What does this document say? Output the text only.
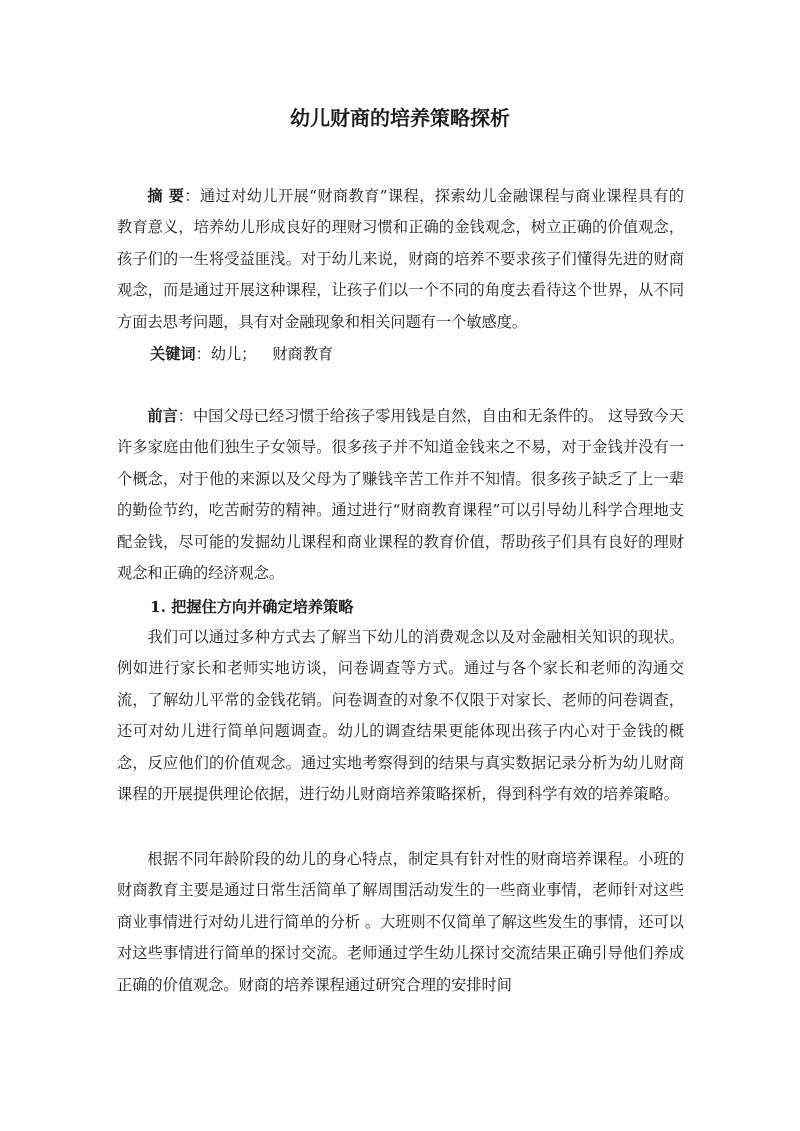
幼儿财商的培养策略探析

摘 要：通过对幼儿开展“财商教育”课程，探索幼儿金融课程与商业课程具有的教育意义，培养幼儿形成良好的理财习惯和正确的金钱观念，树立正确的价值观念，孩子们的一生将受益匪浅。对于幼儿来说，财商的培养不要求孩子们懂得先进的财商观念，而是通过开展这种课程，让孩子们以一个不同的角度去看待这个世界，从不同方面去思考问题，具有对金融现象和相关问题有一个敏感度。

关键词：幼儿； 财商教育

前言：中国父母已经习惯于给孩子零用钱是自然，自由和无条件的。 这导致今天许多家庭由他们独生子女领导。很多孩子并不知道金钱来之不易，对于金钱并没有一个概念，对于他的来源以及父母为了赚钱辛苦工作并不知情。很多孩子缺乏了上一辈的勤俭节约，吃苦耐劳的精神。通过进行“财商教育课程”可以引导幼儿科学合理地支配金钱，尽可能的发掘幼儿课程和商业课程的教育价值，帮助孩子们具有良好的理财观念和正确的经济观念。

1. 把握住方向并确定培养策略

我们可以通过多种方式去了解当下幼儿的消费观念以及对金融相关知识的现状。例如进行家长和老师实地访谈，问卷调查等方式。通过与各个家长和老师的沟通交流，了解幼儿平常的金钱花销。问卷调查的对象不仅限于对家长、老师的问卷调查，还可对幼儿进行简单问题调查。幼儿的调查结果更能体现出孩子内心对于金钱的概念，反应他们的价值观念。通过实地考察得到的结果与真实数据记录分析为幼儿财商课程的开展提供理论依据，进行幼儿财商培养策略探析，得到科学有效的培养策略。

根据不同年龄阶段的幼儿的身心特点，制定具有针对性的财商培养课程。小班的财商教育主要是通过日常生活简单了解周围活动发生的一些商业事情，老师针对这些商业事情进行对幼儿进行简单的分析 。大班则不仅简单了解这些发生的事情，还可以对这些事情进行简单的探讨交流。老师通过学生幼儿探讨交流结果正确引导他们养成正确的价值观念。财商的培养课程通过研究合理的安排时间
